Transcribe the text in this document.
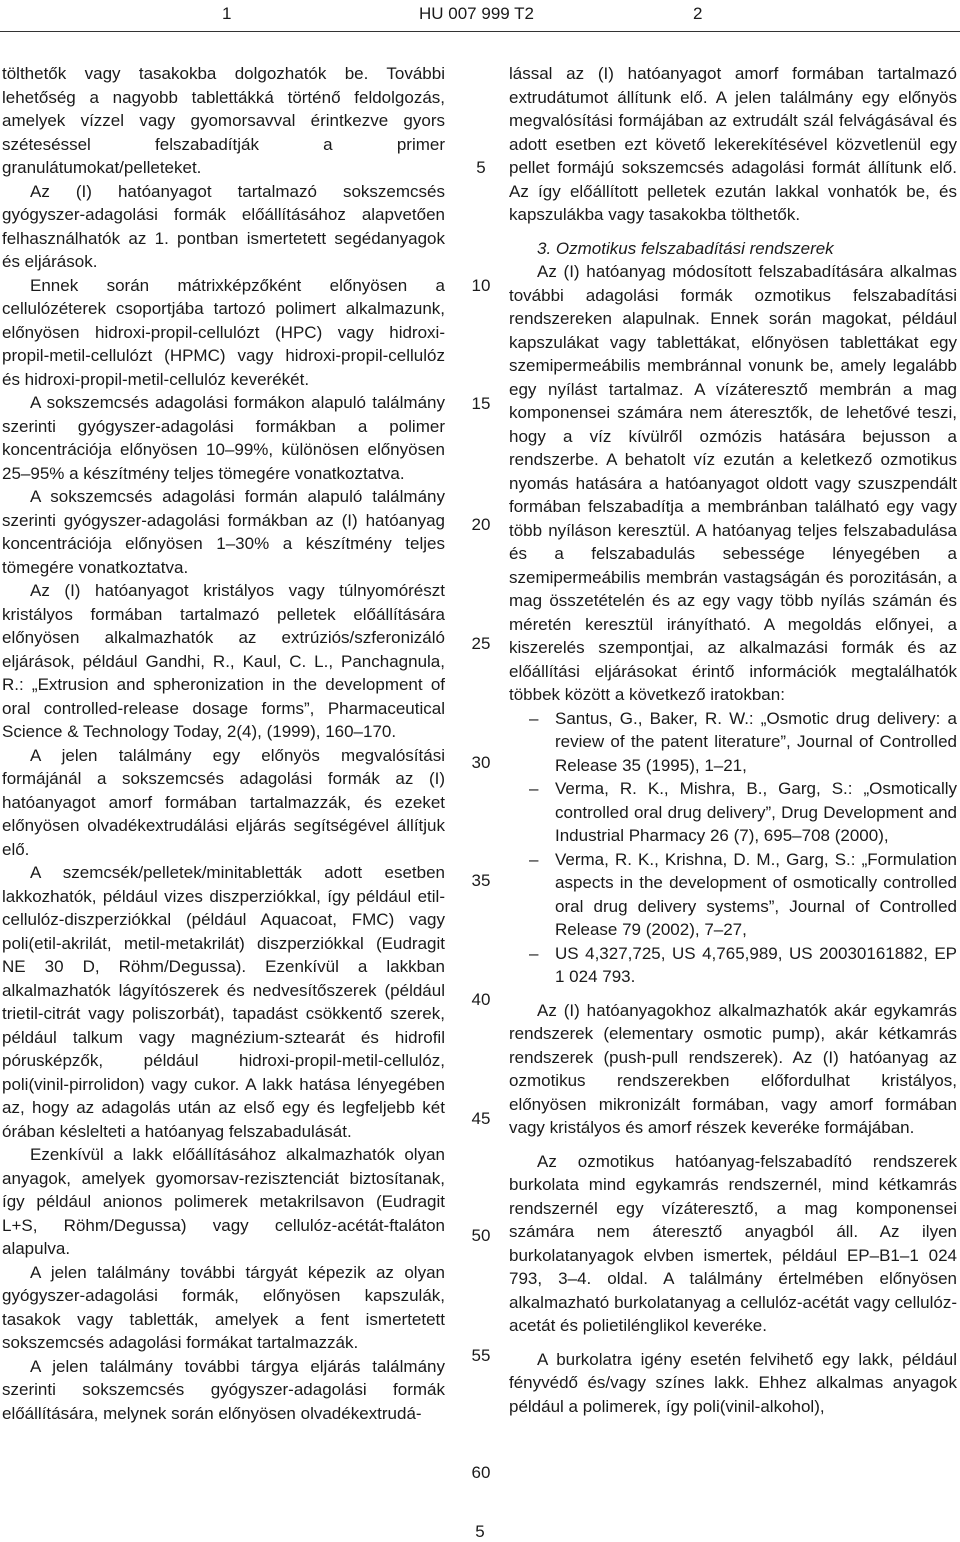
1	HU 007 999 T2	2

tölthetők vagy tasakokba dolgozhatók be. További lehetőség a nagyobb tablettákká történő feldolgozás, amelyek vízzel vagy gyomorsavval érintkezve gyors széteséssel felszabadítják a primer granulátumokat/pelleteket.

Az (I) hatóanyagot tartalmazó sokszemcsés gyógyszer-adagolási formák előállításához alapvetően felhasználhatók az 1. pontban ismertetett segédanyagok és eljárások.

Ennek során mátrixképzőként előnyösen a cellulózéterek csoportjába tartozó polimert alkalmazunk, előnyösen hidroxi-propil-cellulózt (HPC) vagy hidroxi-propil-metil-cellulózt (HPMC) vagy hidroxi-propil-cellulóz és hidroxi-propil-metil-cellulóz keverékét.

A sokszemcsés adagolási formákon alapuló találmány szerinti gyógyszer-adagolási formákban a polimer koncentrációja előnyösen 10–99%, különösen előnyösen 25–95% a készítmény teljes tömegére vonatkoztatva.

A sokszemcsés adagolási formán alapuló találmány szerinti gyógyszer-adagolási formákban az (I) hatóanyag koncentrációja előnyösen 1–30% a készítmény teljes tömegére vonatkoztatva.

Az (I) hatóanyagot kristályos vagy túlnyomórészt kristályos formában tartalmazó pelletek előállítására előnyösen alkalmazhatók az extrúziós/szferonizáló eljárások, például Gandhi, R., Kaul, C. L., Panchagnula, R.: „Extrusion and spheronization in the development of oral controlled-release dosage forms”, Pharmaceutical Science & Technology Today, 2(4), (1999), 160–170.

A jelen találmány egy előnyös megvalósítási formájánál a sokszemcsés adagolási formák az (I) hatóanyagot amorf formában tartalmazzák, és ezeket előnyösen olvadékextrudálási eljárás segítségével állítjuk elő.

A szemcsék/pelletek/minitabletták adott esetben lakkozhatók, például vizes diszperziókkal, így például etil-cellulóz-diszperziókkal (például Aquacoat, FMC) vagy poli(etil-akrilát, metil-metakrilát) diszperziókkal (Eudragit NE 30 D, Röhm/Degussa). Ezenkívül a lakkban alkalmazhatók lágyítószerek és nedvesítőszerek (például trietil-citrát vagy poliszorbát), tapadást csökkentő szerek, például talkum vagy magnézium-sztearát és hidrofil pórusképzők, például hidroxi-propil-metil-cellulóz, poli(vinil-pirrolidon) vagy cukor. A lakk hatása lényegében az, hogy az adagolás után az első egy és legfeljebb két órában késlelteti a hatóanyag felszabadulását.

Ezenkívül a lakk előállításához alkalmazhatók olyan anyagok, amelyek gyomorsav-rezisztenciát biztosítanak, így például anionos polimerek metakrilsavon (Eudragit L+S, Röhm/Degussa) vagy cellulóz-acétát-ftaláton alapulva.

A jelen találmány további tárgyát képezik az olyan gyógyszer-adagolási formák, előnyösen kapszulák, tasakok vagy tabletták, amelyek a fent ismertetett sokszemcsés adagolási formákat tartalmazzák.

A jelen találmány további tárgya eljárás találmány szerinti sokszemcsés gyógyszer-adagolási formák előállítására, melynek során előnyösen olvadékextrudá-

5
10
15
20
25
30
35
40
45
50
55
60

lással az (I) hatóanyagot amorf formában tartalmazó extrudátumot állítunk elő. A jelen találmány egy előnyös megvalósítási formájában az extrudált szál felvágásával és adott esetben ezt követő lekerekítésével közvetlenül egy pellet formájú sokszemcsés adagolási formát állítunk elő. Az így előállított pelletek ezután lakkal vonhatók be, és kapszulákba vagy tasakokba tölthetők.

3. Ozmotikus felszabadítási rendszerek

Az (I) hatóanyag módosított felszabadítására alkalmas további adagolási formák ozmotikus felszabadítási rendszereken alapulnak. Ennek során magokat, például kapszulákat vagy tablettákat, előnyösen tablettákat egy szemipermeábilis membránnal vonunk be, amely legalább egy nyílást tartalmaz. A vízáteresztő membrán a mag komponensei számára nem áteresztők, de lehetővé teszi, hogy a víz kívülről ozmózis hatására bejusson a rendszerbe. A behatolt víz ezután a keletkező ozmotikus nyomás hatására a hatóanyagot oldott vagy szuszpendált formában felszabadítja a membránban található egy vagy több nyíláson keresztül. A hatóanyag teljes felszabadulása és a felszabadulás sebessége lényegében a szemipermeábilis membrán vastagságán és porozitásán, a mag összetételén és az egy vagy több nyílás számán és méretén keresztül irányítható. A megoldás előnyei, a kiszerelés szempontjai, az alkalmazási formák és az előállítási eljárásokat érintő információk megtalálhatók többek között a következő iratokban:

– Santus, G., Baker, R. W.: „Osmotic drug delivery: a review of the patent literature”, Journal of Controlled Release 35 (1995), 1–21,
– Verma, R. K., Mishra, B., Garg, S.: „Osmotically controlled oral drug delivery”, Drug Development and Industrial Pharmacy 26 (7), 695–708 (2000),
– Verma, R. K., Krishna, D. M., Garg, S.: „Formulation aspects in the development of osmotically controlled oral drug delivery systems”, Journal of Controlled Release 79 (2002), 7–27,
– US 4,327,725, US 4,765,989, US 20030161882, EP 1 024 793.

Az (I) hatóanyagokhoz alkalmazhatók akár egykamrás rendszerek (elementary osmotic pump), akár kétkamrás rendszerek (push-pull rendszerek). Az (I) hatóanyag az ozmotikus rendszerekben előfordulhat kristályos, előnyösen mikronizált formában, vagy amorf formában vagy kristályos és amorf részek keveréke formájában.

Az ozmotikus hatóanyag-felszabadító rendszerek burkolata mind egykamrás rendszernél, mind kétkamrás rendszernél egy vízáteresztő, a mag komponensei számára nem áteresztő anyagból áll. Az ilyen burkolatanyagok elvben ismertek, például EP–B1–1 024 793, 3–4. oldal. A találmány értelmében előnyösen alkalmazható burkolatanyag a cellulóz-acétát vagy cellulóz-acetát és polietilénglikol keveréke.

A burkolatra igény esetén felvihető egy lakk, például fényvédő és/vagy színes lakk. Ehhez alkalmas anyagok például a polimerek, így poli(vinil-alkohol),

5
